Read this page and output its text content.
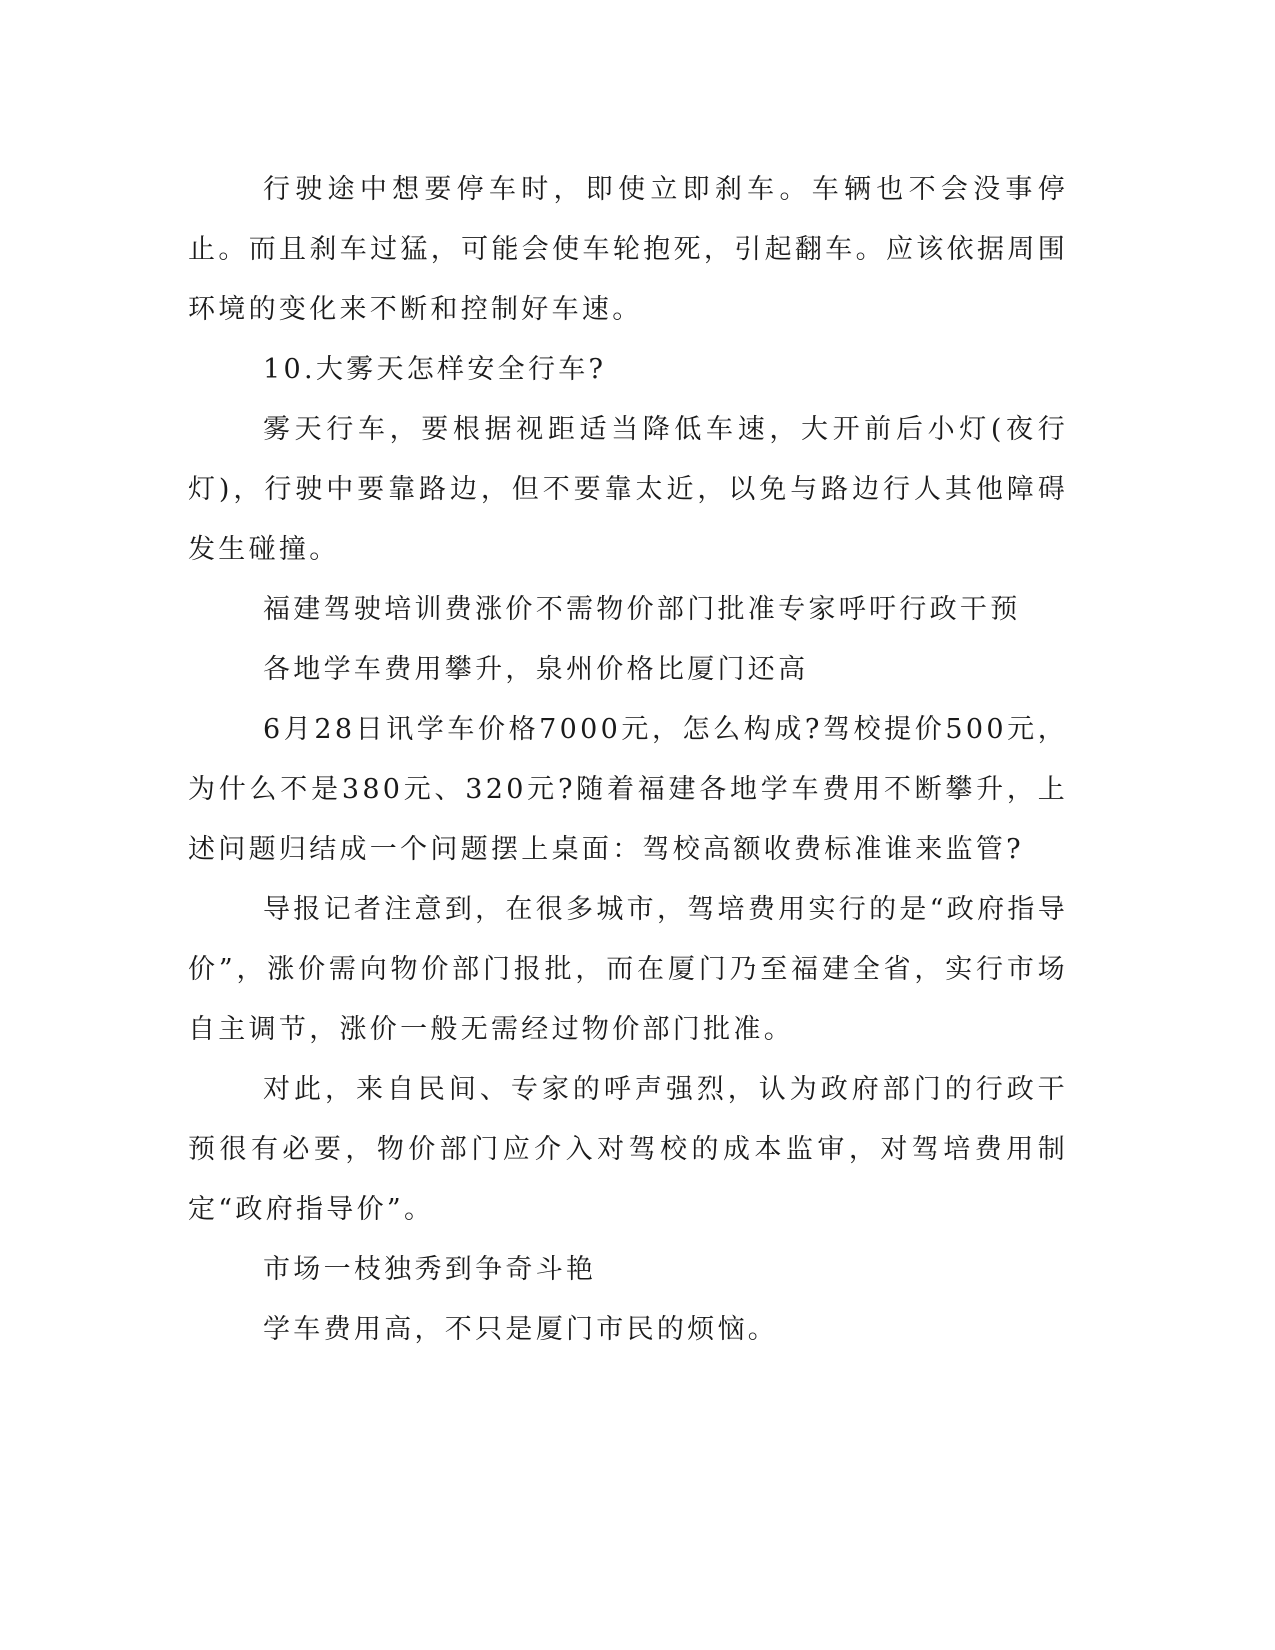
行驶途中想要停车时，即使立即刹车。车辆也不会没事停止。而且刹车过猛，可能会使车轮抱死，引起翻车。应该依据周围环境的变化来不断和控制好车速。

10.大雾天怎样安全行车?

雾天行车，要根据视距适当降低车速，大开前后小灯(夜行灯)，行驶中要靠路边，但不要靠太近，以免与路边行人其他障碍发生碰撞。

福建驾驶培训费涨价不需物价部门批准专家呼吁行政干预

各地学车费用攀升，泉州价格比厦门还高

6月28日讯学车价格7000元，怎么构成?驾校提价500元，为什么不是380元、320元?随着福建各地学车费用不断攀升，上述问题归结成一个问题摆上桌面：驾校高额收费标准谁来监管?

导报记者注意到，在很多城市，驾培费用实行的是“政府指导价”，涨价需向物价部门报批，而在厦门乃至福建全省，实行市场自主调节，涨价一般无需经过物价部门批准。

对此，来自民间、专家的呼声强烈，认为政府部门的行政干预很有必要，物价部门应介入对驾校的成本监审，对驾培费用制定“政府指导价”。

市场一枝独秀到争奇斗艳

学车费用高，不只是厦门市民的烦恼。
